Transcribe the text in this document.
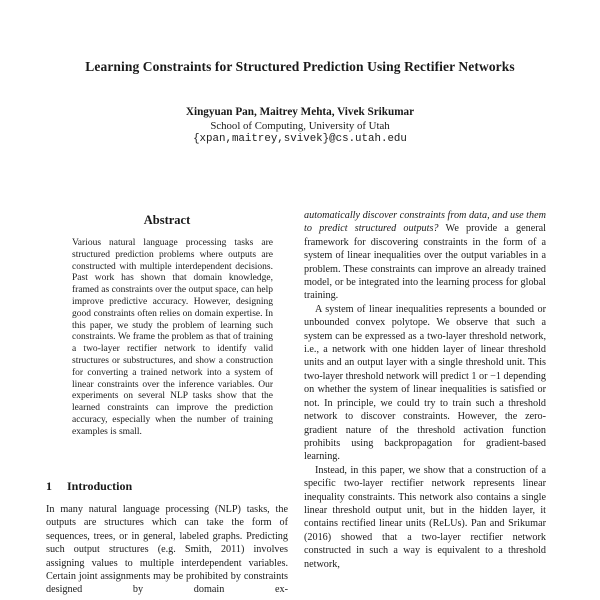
Learning Constraints for Structured Prediction Using Rectifier Networks
Xingyuan Pan, Maitrey Mehta, Vivek Srikumar
School of Computing, University of Utah
{xpan,maitrey,svivek}@cs.utah.edu
Abstract

Various natural language processing tasks are structured prediction problems where outputs are constructed with multiple interdependent decisions. Past work has shown that domain knowledge, framed as constraints over the output space, can help improve predictive accuracy. However, designing good constraints often relies on domain expertise. In this paper, we study the problem of learning such constraints. We frame the problem as that of training a two-layer rectifier network to identify valid structures or substructures, and show a construction for converting a trained network into a system of linear constraints over the inference variables. Our experiments on several NLP tasks show that the learned constraints can improve the prediction accuracy, especially when the number of training examples is small.

1 Introduction

In many natural language processing (NLP) tasks, the outputs are structures which can take the form of sequences, trees, or in general, labeled graphs. Predicting such output structures (e.g. Smith, 2011) involves assigning values to multiple interdependent variables. Certain joint assignments may be prohibited by constraints designed by domain ex-

automatically discover constraints from data, and use them to predict structured outputs? We provide a general framework for discovering constraints in the form of a system of linear inequalities over the output variables in a problem. These constraints can improve an already trained model, or be integrated into the learning process for global training.

A system of linear inequalities represents a bounded or unbounded convex polytope. We observe that such a system can be expressed as a two-layer threshold network, i.e., a network with one hidden layer of linear threshold units and an output layer with a single threshold unit. This two-layer threshold network will predict 1 or −1 depending on whether the system of linear inequalities is satisfied or not. In principle, we could try to train such a threshold network to discover constraints. However, the zero-gradient nature of the threshold activation function prohibits using backpropagation for gradient-based learning.

Instead, in this paper, we show that a construction of a specific two-layer rectifier network represents linear inequality constraints. This network also contains a single linear threshold output unit, but in the hidden layer, it contains rectified linear units (ReLUs). Pan and Srikumar (2016) showed that a two-layer rectifier network constructed in such a way is equivalent to a threshold network,
